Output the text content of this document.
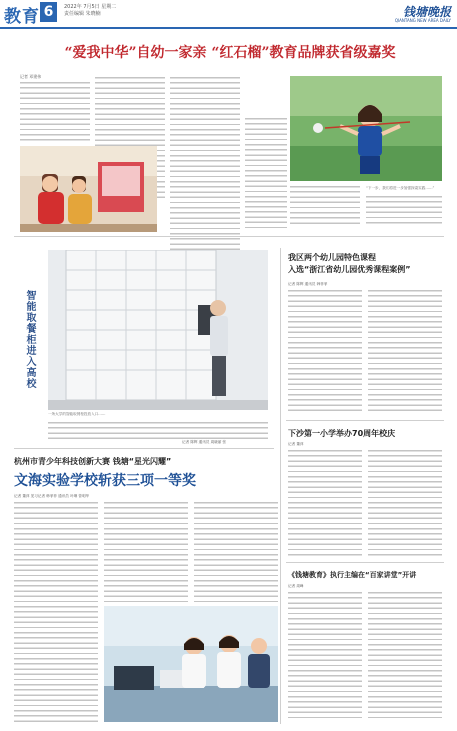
教育 6	2022年 7月5日 星期二
责任编辑 朱晓楠	钱塘晚报
QIANTANG NEW AREA DAILY
“爱我中华”自幼一家亲 “红石榴”教育品牌获省级嘉奖
记者 邓建伟
“下一步，我们将进一步加强探索实践……”
智能取餐柜进入高校
一所大学的智能取餐柜投放入口……
记者 陈辉 通讯员 周晓丽 张
杭州市青少年科技创新大赛 钱塘“星光闪耀”
文海实验学校斩获三项一等奖
记者 董萍 见习记者 韩菲菲 通讯员 叶琳 曾明华
我区两个幼儿园特色课程
入选“浙江省幼儿园优秀课程案例”
记者 陈辉 通讯员 韩菲菲
下沙第一小学举办70周年校庆
记者 董萍
《钱塘教育》执行主编在“百家讲堂”开讲
记者 周峰
